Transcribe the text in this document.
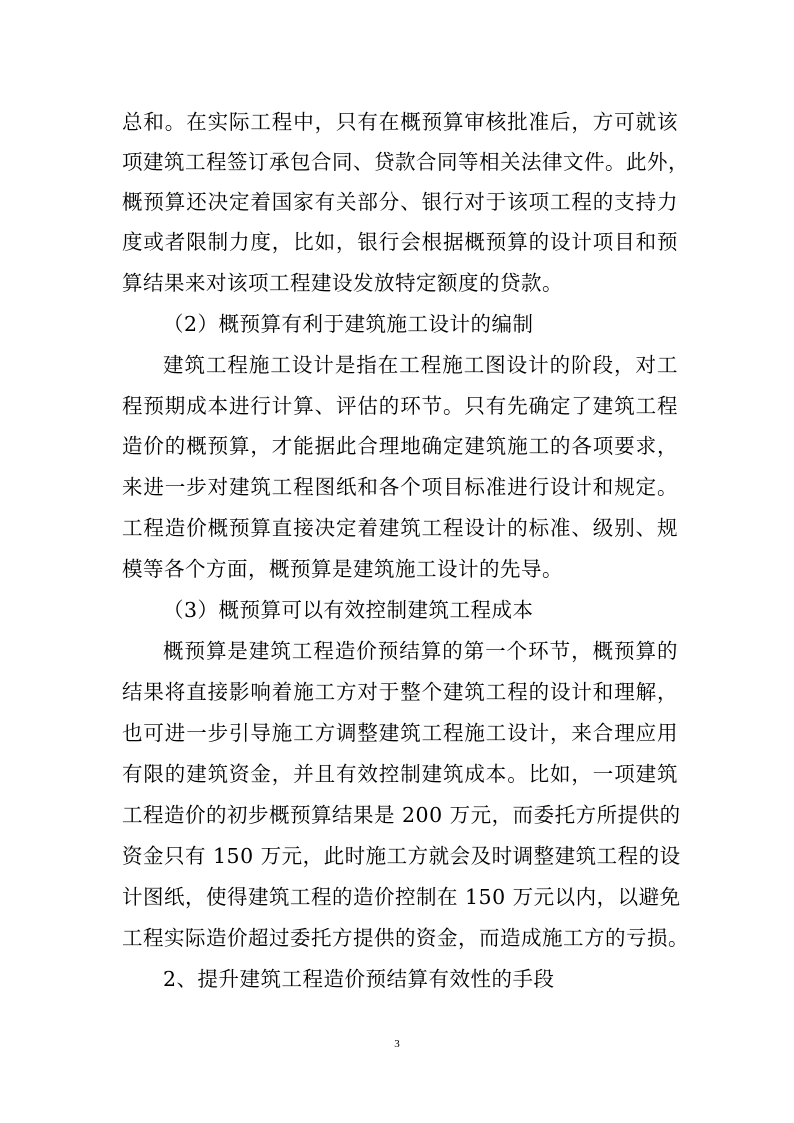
总和。在实际工程中，只有在概预算审核批准后，方可就该
项建筑工程签订承包合同、贷款合同等相关法律文件。此外，
概预算还决定着国家有关部分、银行对于该项工程的支持力
度或者限制力度，比如，银行会根据概预算的设计项目和预
算结果来对该项工程建设发放特定额度的贷款。
（2）概预算有利于建筑施工设计的编制
建筑工程施工设计是指在工程施工图设计的阶段，对工
程预期成本进行计算、评估的环节。只有先确定了建筑工程
造价的概预算，才能据此合理地确定建筑施工的各项要求，
来进一步对建筑工程图纸和各个项目标准进行设计和规定。
工程造价概预算直接决定着建筑工程设计的标准、级别、规
模等各个方面，概预算是建筑施工设计的先导。
（3）概预算可以有效控制建筑工程成本
概预算是建筑工程造价预结算的第一个环节，概预算的
结果将直接影响着施工方对于整个建筑工程的设计和理解，
也可进一步引导施工方调整建筑工程施工设计，来合理应用
有限的建筑资金，并且有效控制建筑成本。比如，一项建筑
工程造价的初步概预算结果是 200 万元，而委托方所提供的
资金只有 150 万元，此时施工方就会及时调整建筑工程的设
计图纸，使得建筑工程的造价控制在 150 万元以内，以避免
工程实际造价超过委托方提供的资金，而造成施工方的亏损。
2、提升建筑工程造价预结算有效性的手段
3
